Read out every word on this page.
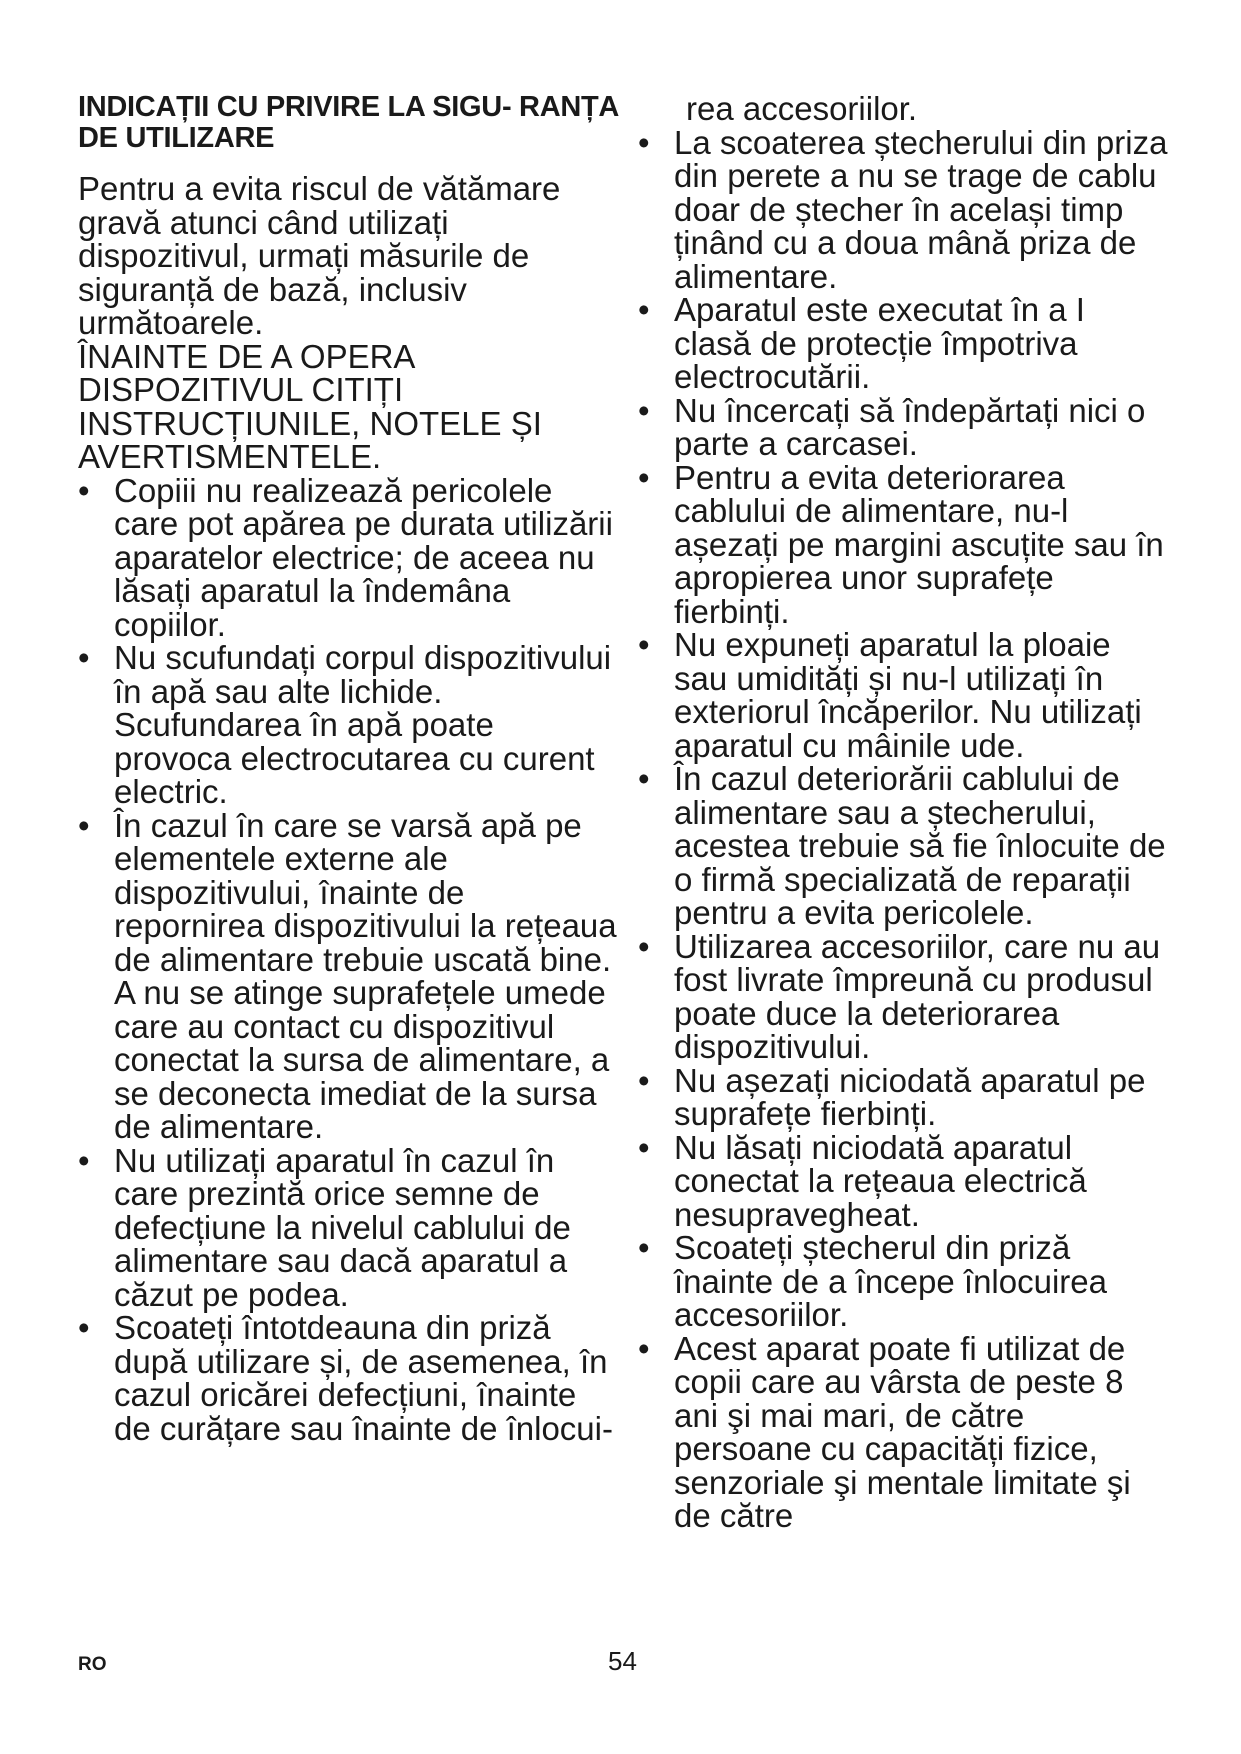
INDICAȚII CU PRIVIRE LA SIGU- RANȚA DE UTILIZARE

Pentru a evita riscul de vătămare gravă atunci când utilizați dispozitivul, urmați măsurile de siguranță de bază, inclusiv următoarele.

ÎNAINTE DE A OPERA DISPOZITIVUL CITIȚI INSTRUCȚIUNILE, NOTELE ȘI AVERTISMENTELE.

• Copiii nu realizează pericolele care pot apărea pe durata utilizării aparatelor electrice; de aceea nu lăsați aparatul la îndemâna copiilor.
• Nu scufundați corpul dispozitivului în apă sau alte lichide. Scufundarea în apă poate provoca electrocutarea cu curent electric.
• În cazul în care se varsă apă pe elementele externe ale dispozitivului, înainte de repornirea dispozitivului la rețeaua de alimentare trebuie uscată bine. A nu se atinge suprafețele umede care au contact cu dispozitivul conectat la sursa de alimentare, a se deconecta imediat de la sursa de alimentare.
• Nu utilizați aparatul în cazul în care prezintă orice semne de defecțiune la nivelul cablului de alimentare sau dacă aparatul a căzut pe podea.
• Scoateți întotdeauna din priză după utilizare și, de asemenea, în cazul oricărei defecțiuni, înainte de curățare sau înainte de înlocui-

rea accesoriilor.

• La scoaterea ștecherului din priza din perete a nu se trage de cablu doar de ștecher în același timp ținând cu a doua mână priza de alimentare.
• Aparatul este executat în a I clasă de protecție împotriva electrocutării.
• Nu încercați să îndepărtați nici o parte a carcasei.
• Pentru a evita deteriorarea cablului de alimentare, nu-l așezați pe margini ascuțite sau în apropierea unor suprafețe fierbinți.
• Nu expuneți aparatul la ploaie sau umidități și nu-l utilizați în exteriorul încăperilor. Nu utilizați aparatul cu mâinile ude.
• În cazul deteriorării cablului de alimentare sau a ștecherului, acestea trebuie să fie înlocuite de o firmă specializată de reparații pentru a evita pericolele.
• Utilizarea accesoriilor, care nu au fost livrate împreună cu produsul poate duce la deteriorarea dispozitivului.
• Nu așezați niciodată aparatul pe suprafețe fierbinți.
• Nu lăsați niciodată aparatul conectat la rețeaua electrică nesupravegheat.
• Scoateți ștecherul din priză înainte de a începe înlocuirea accesoriilor.
• Acest aparat poate fi utilizat de copii care au vârsta de peste 8 ani şi mai mari, de către persoane cu capacități fizice, senzoriale şi mentale limitate şi de către
RO	54
